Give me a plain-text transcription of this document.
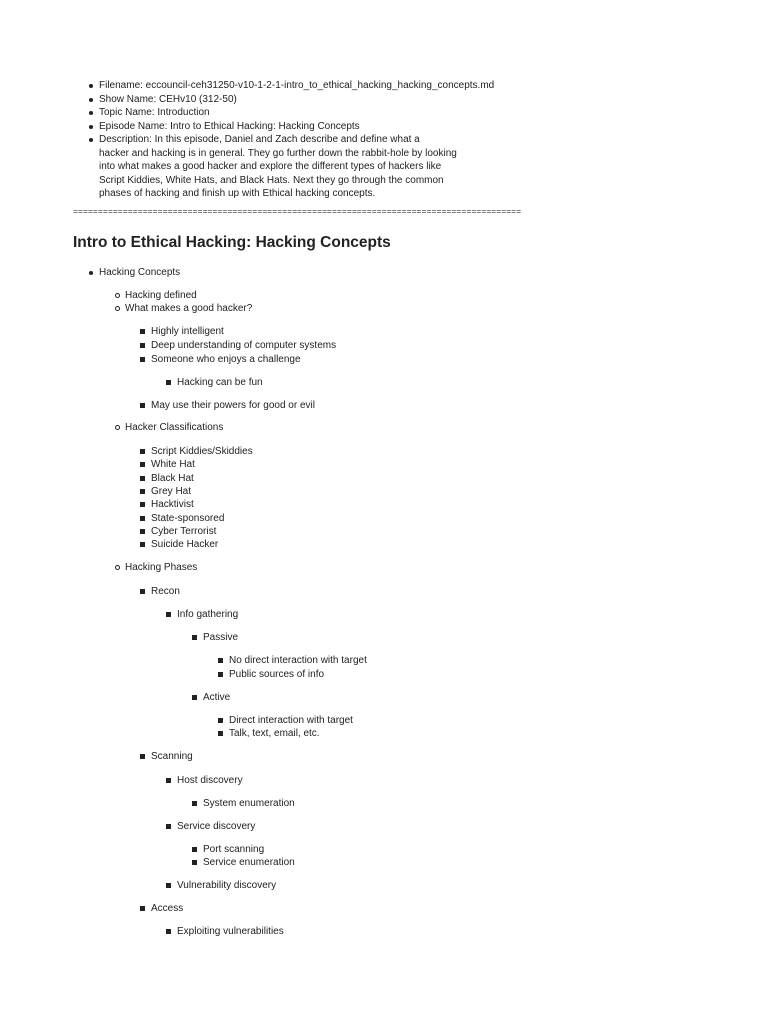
Filename: eccouncil-ceh31250-v10-1-2-1-intro_to_ethical_hacking_hacking_concepts.md
Show Name: CEHv10 (312-50)
Topic Name: Introduction
Episode Name: Intro to Ethical Hacking: Hacking Concepts
Description: In this episode, Daniel and Zach describe and define what a
hacker and hacking is in general. They go further down the rabbit-hole by looking
into what makes a good hacker and explore the different types of hackers like
Script Kiddies, White Hats, and Black Hats. Next they go through the common
phases of hacking and finish up with Ethical hacking concepts.
==========================================================================================
Intro to Ethical Hacking: Hacking Concepts
Hacking Concepts
Hacking defined
What makes a good hacker?
Highly intelligent
Deep understanding of computer systems
Someone who enjoys a challenge
Hacking can be fun
May use their powers for good or evil
Hacker Classifications
Script Kiddies/Skiddies
White Hat
Black Hat
Grey Hat
Hacktivist
State-sponsored
Cyber Terrorist
Suicide Hacker
Hacking Phases
Recon
Info gathering
Passive
No direct interaction with target
Public sources of info
Active
Direct interaction with target
Talk, text, email, etc.
Scanning
Host discovery
System enumeration
Service discovery
Port scanning
Service enumeration
Vulnerability discovery
Access
Exploiting vulnerabilities
